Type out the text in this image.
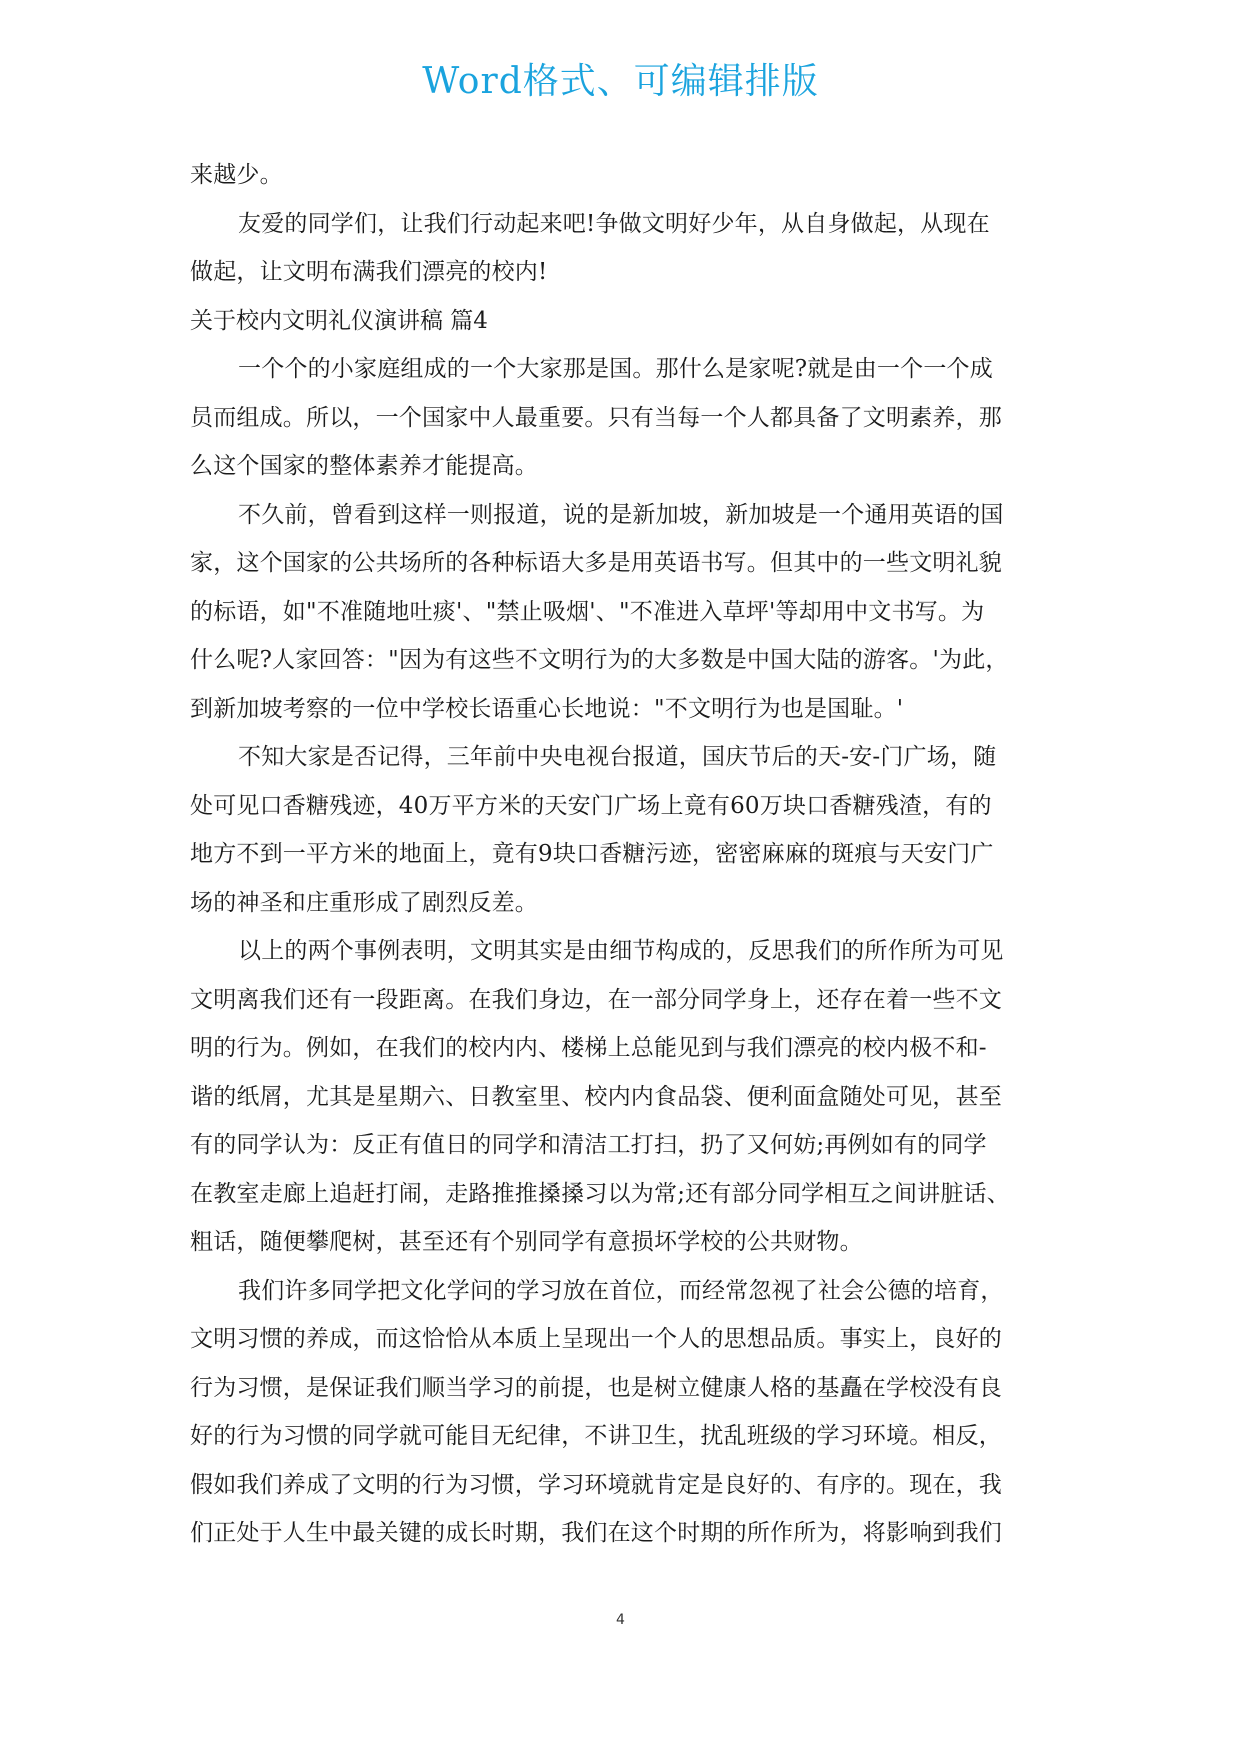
Word格式、可编辑排版
来越少。
友爱的同学们，让我们行动起来吧!争做文明好少年，从自身做起，从现在
做起，让文明布满我们漂亮的校内!
关于校内文明礼仪演讲稿 篇4
一个个的小家庭组成的一个大家那是国。那什么是家呢?就是由一个一个成
员而组成。所以，一个国家中人最重要。只有当每一个人都具备了文明素养，那
么这个国家的整体素养才能提高。
不久前，曾看到这样一则报道，说的是新加坡，新加坡是一个通用英语的国
家，这个国家的公共场所的各种标语大多是用英语书写。但其中的一些文明礼貌
的标语，如"不准随地吐痰'、"禁止吸烟'、"不准进入草坪'等却用中文书写。为
什么呢?人家回答："因为有这些不文明行为的大多数是中国大陆的游客。'为此，
到新加坡考察的一位中学校长语重心长地说："不文明行为也是国耻。'
不知大家是否记得，三年前中央电视台报道，国庆节后的天-安-门广场，随
处可见口香糖残迹，40万平方米的天安门广场上竟有60万块口香糖残渣，有的
地方不到一平方米的地面上，竟有9块口香糖污迹，密密麻麻的斑痕与天安门广
场的神圣和庄重形成了剧烈反差。
以上的两个事例表明，文明其实是由细节构成的，反思我们的所作所为可见
文明离我们还有一段距离。在我们身边，在一部分同学身上，还存在着一些不文
明的行为。例如，在我们的校内内、楼梯上总能见到与我们漂亮的校内极不和-
谐的纸屑，尤其是星期六、日教室里、校内内食品袋、便利面盒随处可见，甚至
有的同学认为：反正有值日的同学和清洁工打扫，扔了又何妨;再例如有的同学
在教室走廊上追赶打闹，走路推推搡搡习以为常;还有部分同学相互之间讲脏话、
粗话，随便攀爬树，甚至还有个别同学有意损坏学校的公共财物。
我们许多同学把文化学问的学习放在首位，而经常忽视了社会公德的培育，
文明习惯的养成，而这恰恰从本质上呈现出一个人的思想品质。事实上，良好的
行为习惯，是保证我们顺当学习的前提，也是树立健康人格的基矗在学校没有良
好的行为习惯的同学就可能目无纪律，不讲卫生，扰乱班级的学习环境。相反，
假如我们养成了文明的行为习惯，学习环境就肯定是良好的、有序的。现在，我
们正处于人生中最关键的成长时期，我们在这个时期的所作所为，将影响到我们
4
